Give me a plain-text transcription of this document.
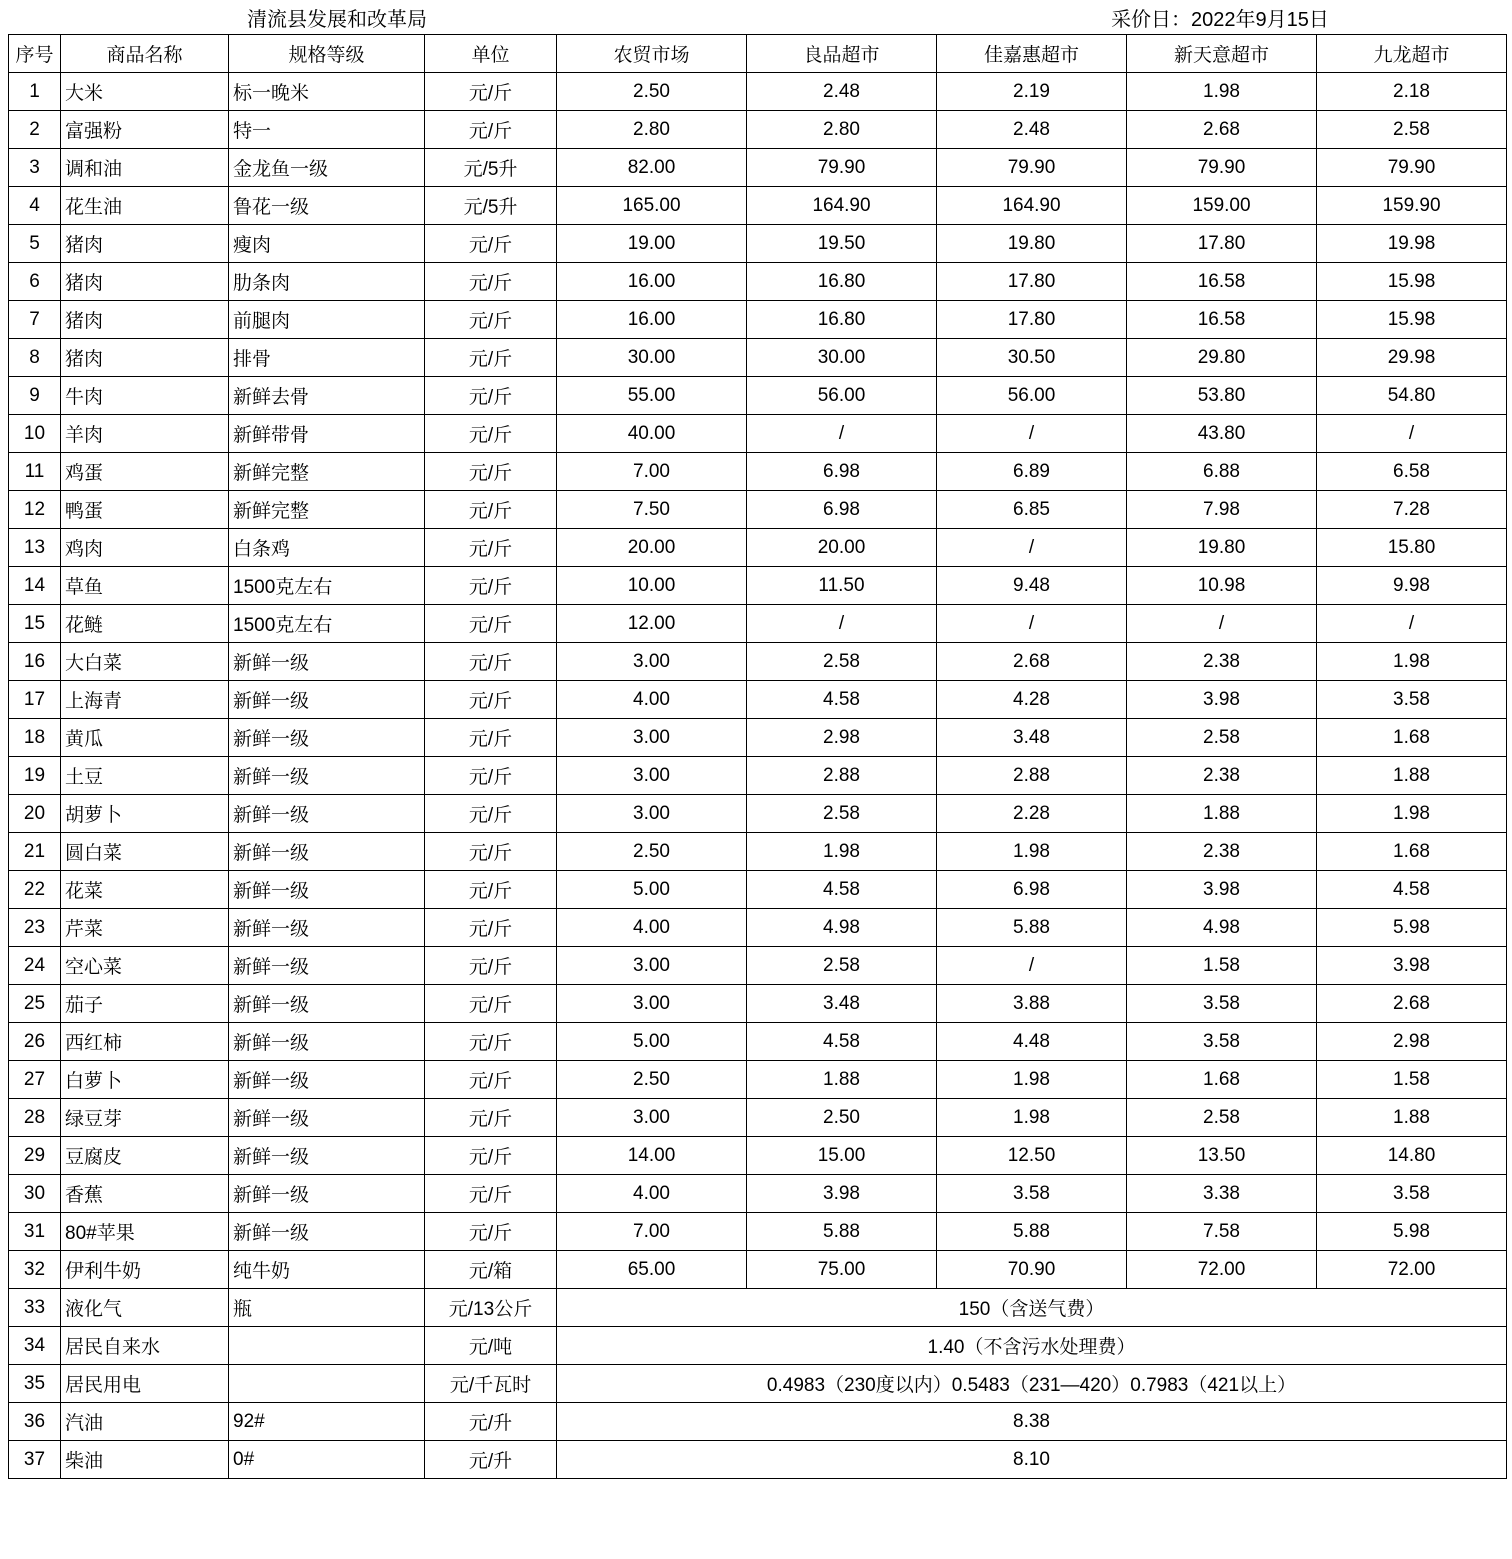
清流县发展和改革局	采价日：2022年9月15日
序号	商品名称	规格等级	单位	农贸市场	良品超市	佳嘉惠超市	新天意超市	九龙超市
1	大米	标一晚米	元/斤	2.50	2.48	2.19	1.98	2.18
2	富强粉	特一	元/斤	2.80	2.80	2.48	2.68	2.58
3	调和油	金龙鱼一级	元/5升	82.00	79.90	79.90	79.90	79.90
4	花生油	鲁花一级	元/5升	165.00	164.90	164.90	159.00	159.90
5	猪肉	瘦肉	元/斤	19.00	19.50	19.80	17.80	19.98
6	猪肉	肋条肉	元/斤	16.00	16.80	17.80	16.58	15.98
7	猪肉	前腿肉	元/斤	16.00	16.80	17.80	16.58	15.98
8	猪肉	排骨	元/斤	30.00	30.00	30.50	29.80	29.98
9	牛肉	新鲜去骨	元/斤	55.00	56.00	56.00	53.80	54.80
10	羊肉	新鲜带骨	元/斤	40.00	/	/	43.80	/
11	鸡蛋	新鲜完整	元/斤	7.00	6.98	6.89	6.88	6.58
12	鸭蛋	新鲜完整	元/斤	7.50	6.98	6.85	7.98	7.28
13	鸡肉	白条鸡	元/斤	20.00	20.00	/	19.80	15.80
14	草鱼	1500克左右	元/斤	10.00	11.50	9.48	10.98	9.98
15	花鲢	1500克左右	元/斤	12.00	/	/	/	/
16	大白菜	新鲜一级	元/斤	3.00	2.58	2.68	2.38	1.98
17	上海青	新鲜一级	元/斤	4.00	4.58	4.28	3.98	3.58
18	黄瓜	新鲜一级	元/斤	3.00	2.98	3.48	2.58	1.68
19	土豆	新鲜一级	元/斤	3.00	2.88	2.88	2.38	1.88
20	胡萝卜	新鲜一级	元/斤	3.00	2.58	2.28	1.88	1.98
21	圆白菜	新鲜一级	元/斤	2.50	1.98	1.98	2.38	1.68
22	花菜	新鲜一级	元/斤	5.00	4.58	6.98	3.98	4.58
23	芹菜	新鲜一级	元/斤	4.00	4.98	5.88	4.98	5.98
24	空心菜	新鲜一级	元/斤	3.00	2.58	/	1.58	3.98
25	茄子	新鲜一级	元/斤	3.00	3.48	3.88	3.58	2.68
26	西红柿	新鲜一级	元/斤	5.00	4.58	4.48	3.58	2.98
27	白萝卜	新鲜一级	元/斤	2.50	1.88	1.98	1.68	1.58
28	绿豆芽	新鲜一级	元/斤	3.00	2.50	1.98	2.58	1.88
29	豆腐皮	新鲜一级	元/斤	14.00	15.00	12.50	13.50	14.80
30	香蕉	新鲜一级	元/斤	4.00	3.98	3.58	3.38	3.58
31	80#苹果	新鲜一级	元/斤	7.00	5.88	5.88	7.58	5.98
32	伊利牛奶	纯牛奶	元/箱	65.00	75.00	70.90	72.00	72.00
33	液化气	瓶	元/13公斤	150（含送气费）				
34	居民自来水		元/吨	1.40（不含污水处理费）				
35	居民用电		元/千瓦时	0.4983（230度以内）0.5483（231—420）0.7983（421以上）				
36	汽油	92#	元/升	8.38				
37	柴油	0#	元/升	8.10				
